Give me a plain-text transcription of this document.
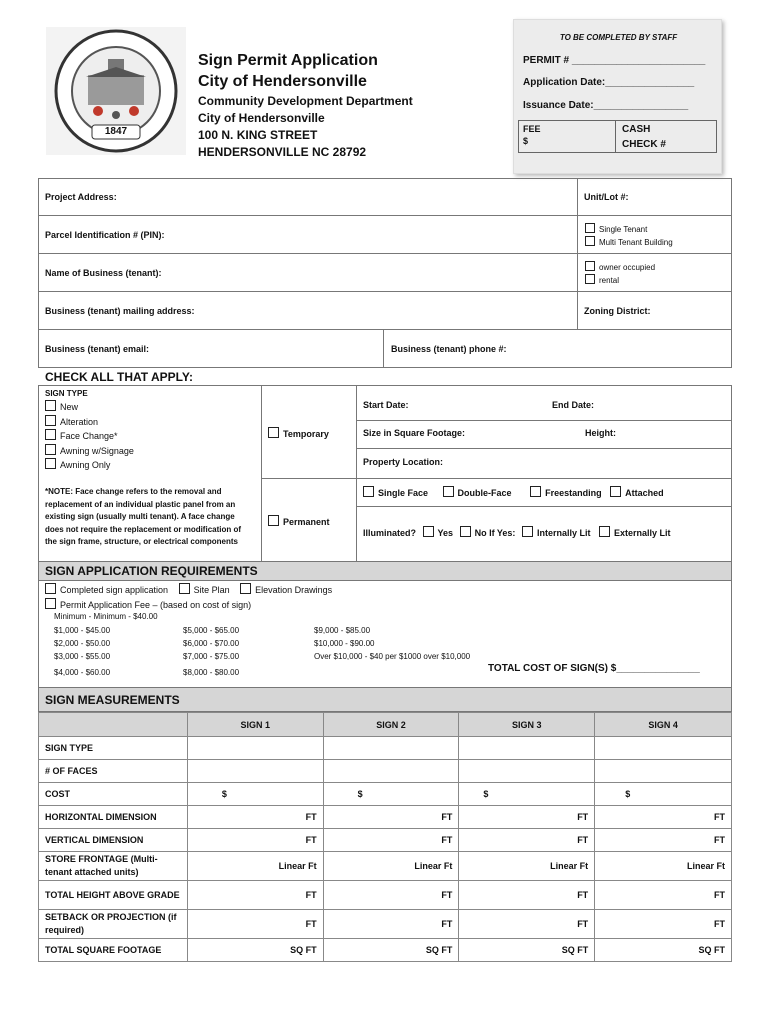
1847
Sign Permit Application
City of Hendersonville
Community Development Department
City of Hendersonville
100 N. KING STREET
HENDERSONVILLE NC 28792
TO BE COMPLETED BY STAFF
PERMIT # ________________________
Application Date:________________
Issuance Date:_________________
FEE
$
CASH
CHECK #
Project Address:	Unit/Lot #:
Parcel Identification # (PIN):
Single Tenant
Multi Tenant Building
Name of Business (tenant):
owner occupied
rental
Business (tenant) mailing address:	Zoning District:
Business (tenant) email:	Business (tenant) phone #:
CHECK ALL THAT APPLY:
SIGN TYPE
New
Alteration
Face Change*
Awning w/Signage
Awning Only
*NOTE: Face change refers to the removal and replacement of an individual plastic panel from an existing sign (usually multi tenant). A face change does not require the replacement or modification of the sign frame, structure, or electrical components
Temporary
Permanent
Start Date:	End Date:
Size in Square Footage:	Height:
Property Location:
Single Face	Double-Face	Freestanding	Attached
Illuminated? Yes No If Yes: Internally Lit	Externally Lit
SIGN APPLICATION REQUIREMENTS
Completed sign application	Site Plan	Elevation Drawings
Permit Application Fee – (based on cost of sign)
Minimum - Minimum - $40.00
$1,000 - $45.00
$2,000 - $50.00
$3,000 - $55.00
$4,000 - $60.00
$5,000 - $65.00
$6,000 - $70.00
$7,000 - $75.00
$8,000 - $80.00
$9,000 - $85.00
$10,000 - $90.00
Over $10,000 - $40 per $1000 over $10,000
TOTAL COST OF SIGN(S) $_______________
SIGN MEASUREMENTS
	SIGN 1	SIGN 2	SIGN 3	SIGN 4
SIGN TYPE				
# OF FACES				
COST	$	$	$	$
HORIZONTAL DIMENSION	FT	FT	FT	FT
VERTICAL DIMENSION	FT	FT	FT	FT
STORE FRONTAGE (Multi-tenant attached units)	Linear Ft	Linear Ft	Linear Ft	Linear Ft
TOTAL HEIGHT ABOVE GRADE	FT	FT	FT	FT
SETBACK OR PROJECTION (if required)	FT	FT	FT	FT
TOTAL SQUARE FOOTAGE	SQ FT	SQ FT	SQ FT	SQ FT
